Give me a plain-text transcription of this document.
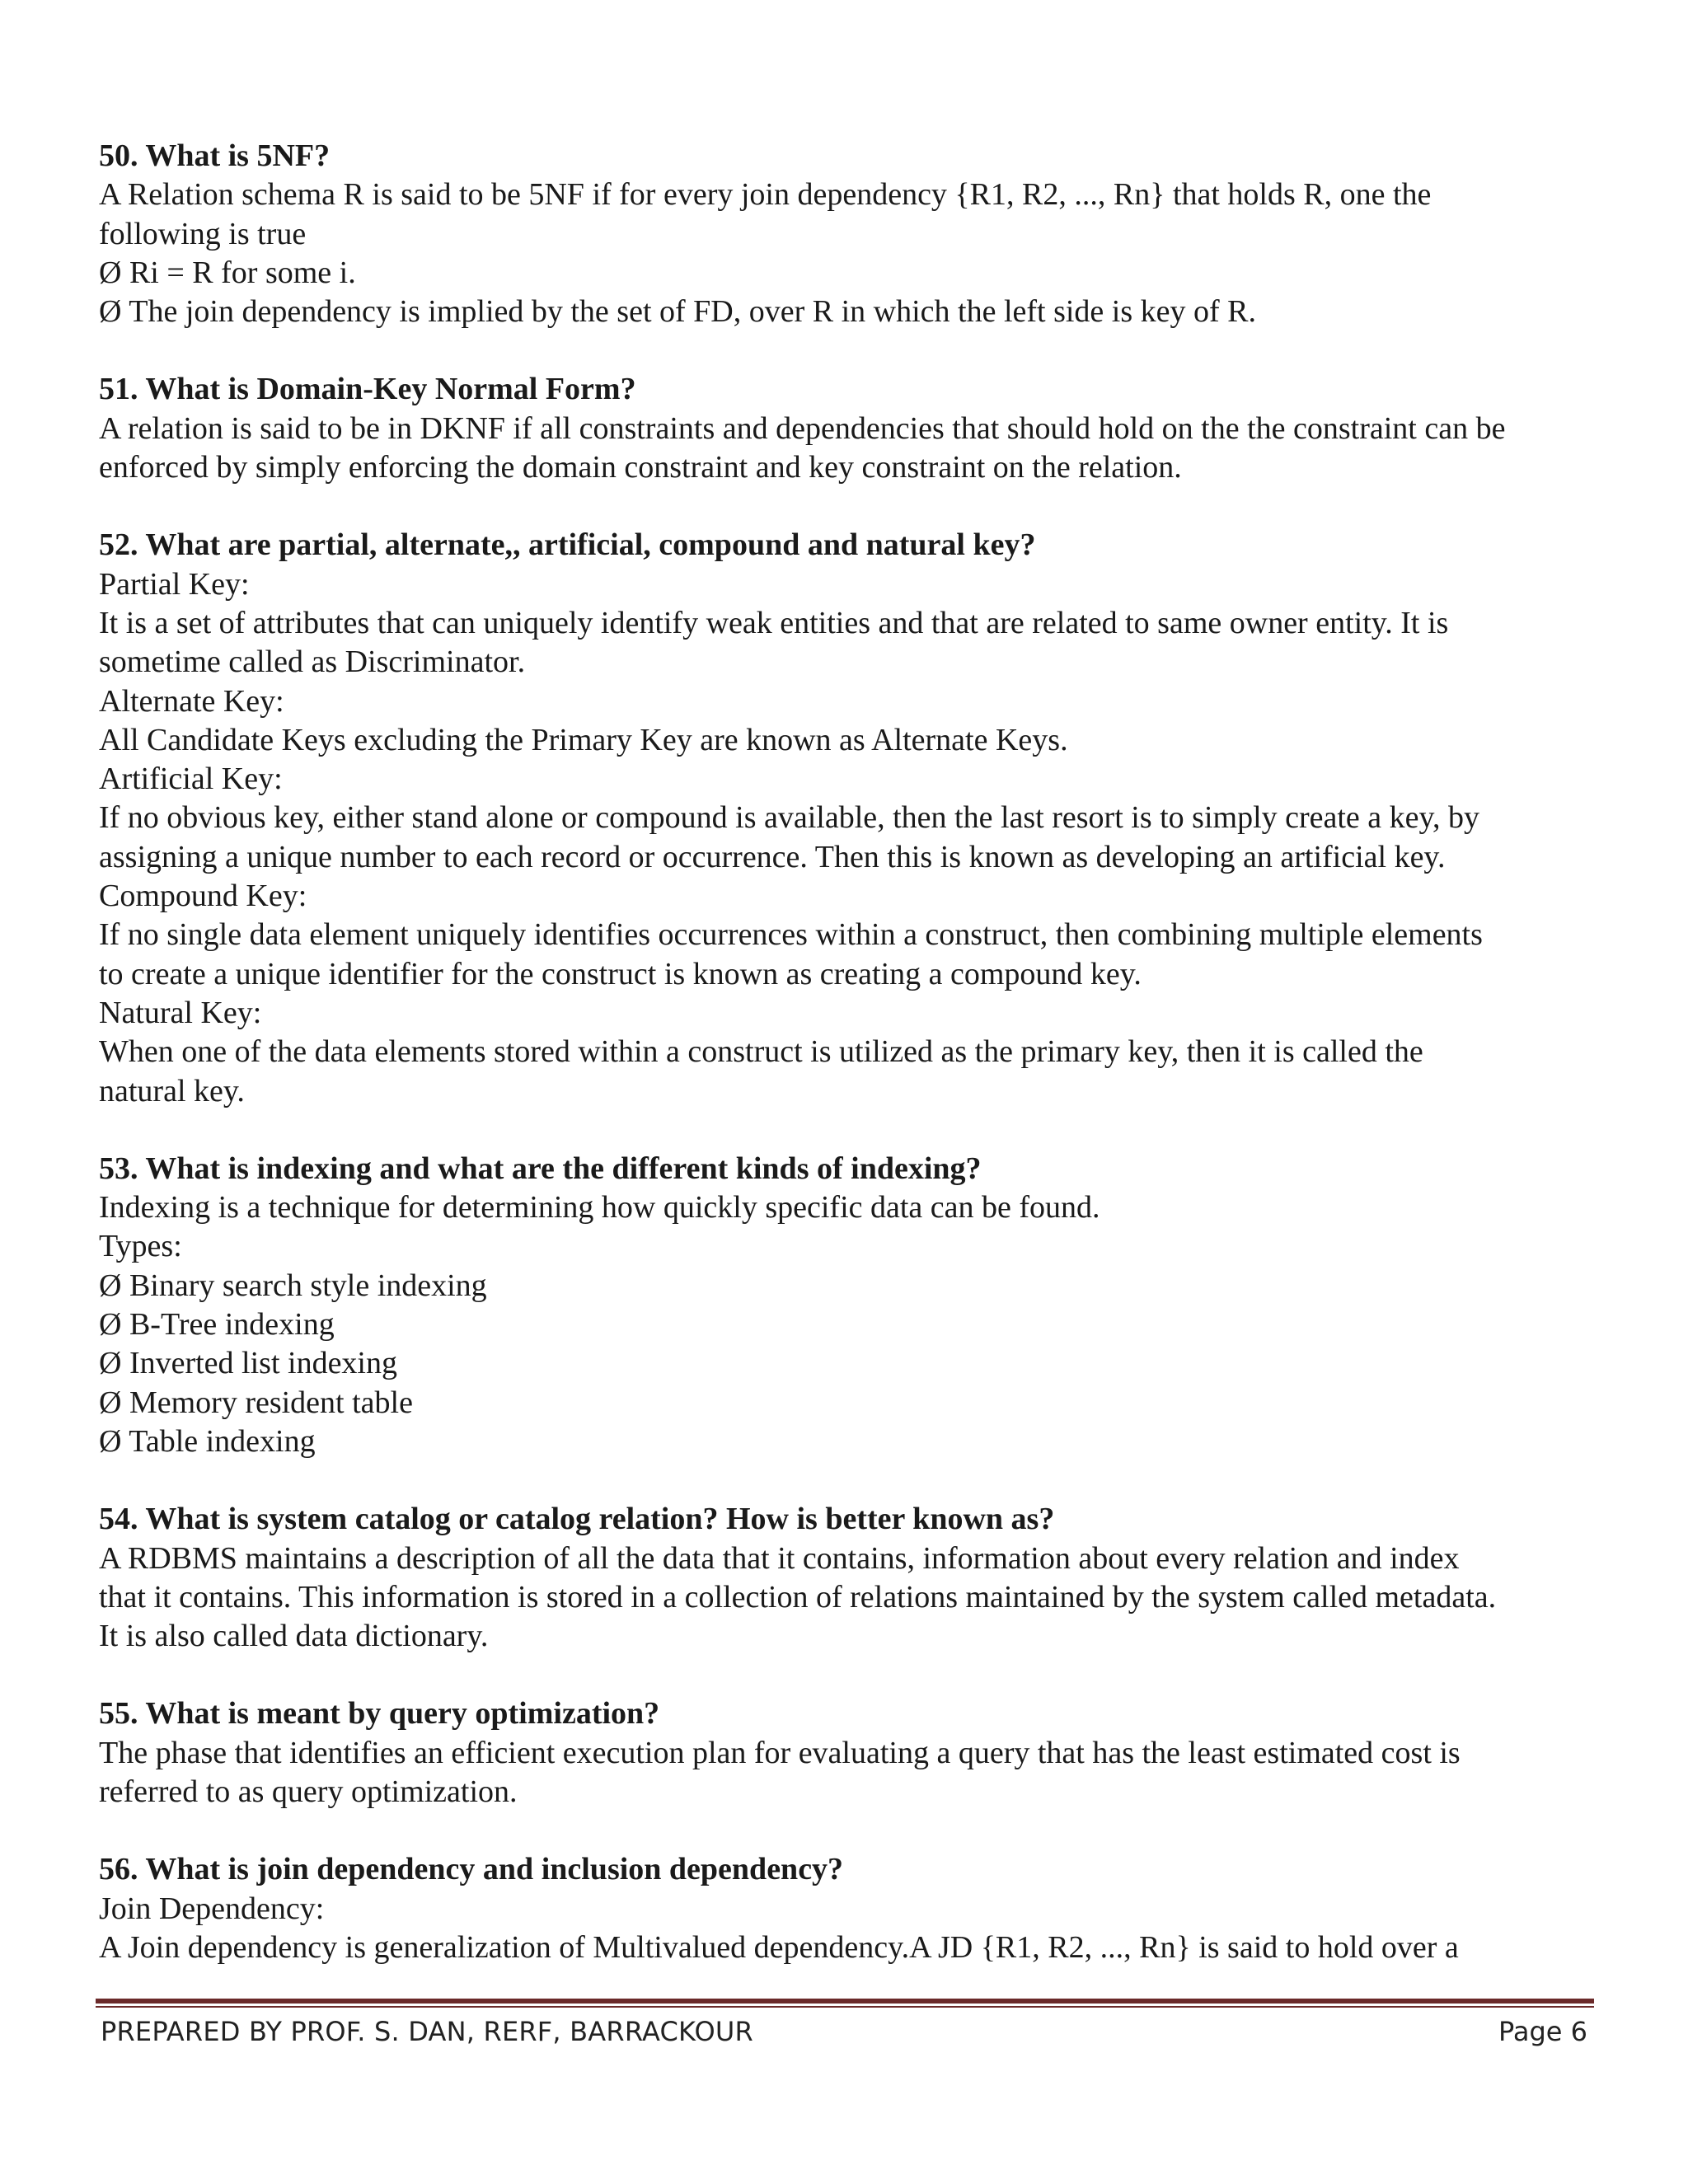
50. What is 5NF?

A Relation schema R is said to be 5NF if for every join dependency {R1, R2, ..., Rn} that holds R, one the

following is true

Ø Ri = R for some i.

Ø The join dependency is implied by the set of FD, over R in which the left side is key of R.

51. What is Domain-Key Normal Form?

A relation is said to be in DKNF if all constraints and dependencies that should hold on the the constraint can be

enforced by simply enforcing the domain constraint and key constraint on the relation.

52. What are partial, alternate,, artificial, compound and natural key?

Partial Key:

It is a set of attributes that can uniquely identify weak entities and that are related to same owner entity. It is

sometime called as Discriminator.

Alternate Key:

All Candidate Keys excluding the Primary Key are known as Alternate Keys.

Artificial Key:

If no obvious key, either stand alone or compound is available, then the last resort is to simply create a key, by

assigning a unique number to each record or occurrence. Then this is known as developing an artificial key.

Compound Key:

If no single data element uniquely identifies occurrences within a construct, then combining multiple elements

to create a unique identifier for the construct is known as creating a compound key.

Natural Key:

When one of the data elements stored within a construct is utilized as the primary key, then it is called the

natural key.

53. What is indexing and what are the different kinds of indexing?

Indexing is a technique for determining how quickly specific data can be found.

Types:

Ø Binary search style indexing

Ø B-Tree indexing

Ø Inverted list indexing

Ø Memory resident table

Ø Table indexing

54. What is system catalog or catalog relation? How is better known as?

A RDBMS maintains a description of all the data that it contains, information about every relation and index

that it contains. This information is stored in a collection of relations maintained by the system called metadata.

It is also called data dictionary.

55. What is meant by query optimization?

The phase that identifies an efficient execution plan for evaluating a query that has the least estimated cost is

referred to as query optimization.

56. What is join dependency and inclusion dependency?

Join Dependency:

A Join dependency is generalization of Multivalued dependency.A JD {R1, R2, ..., Rn} is said to hold over a

PREPARED BY PROF. S. DAN, RERF, BARRACKOUR	Page 6
